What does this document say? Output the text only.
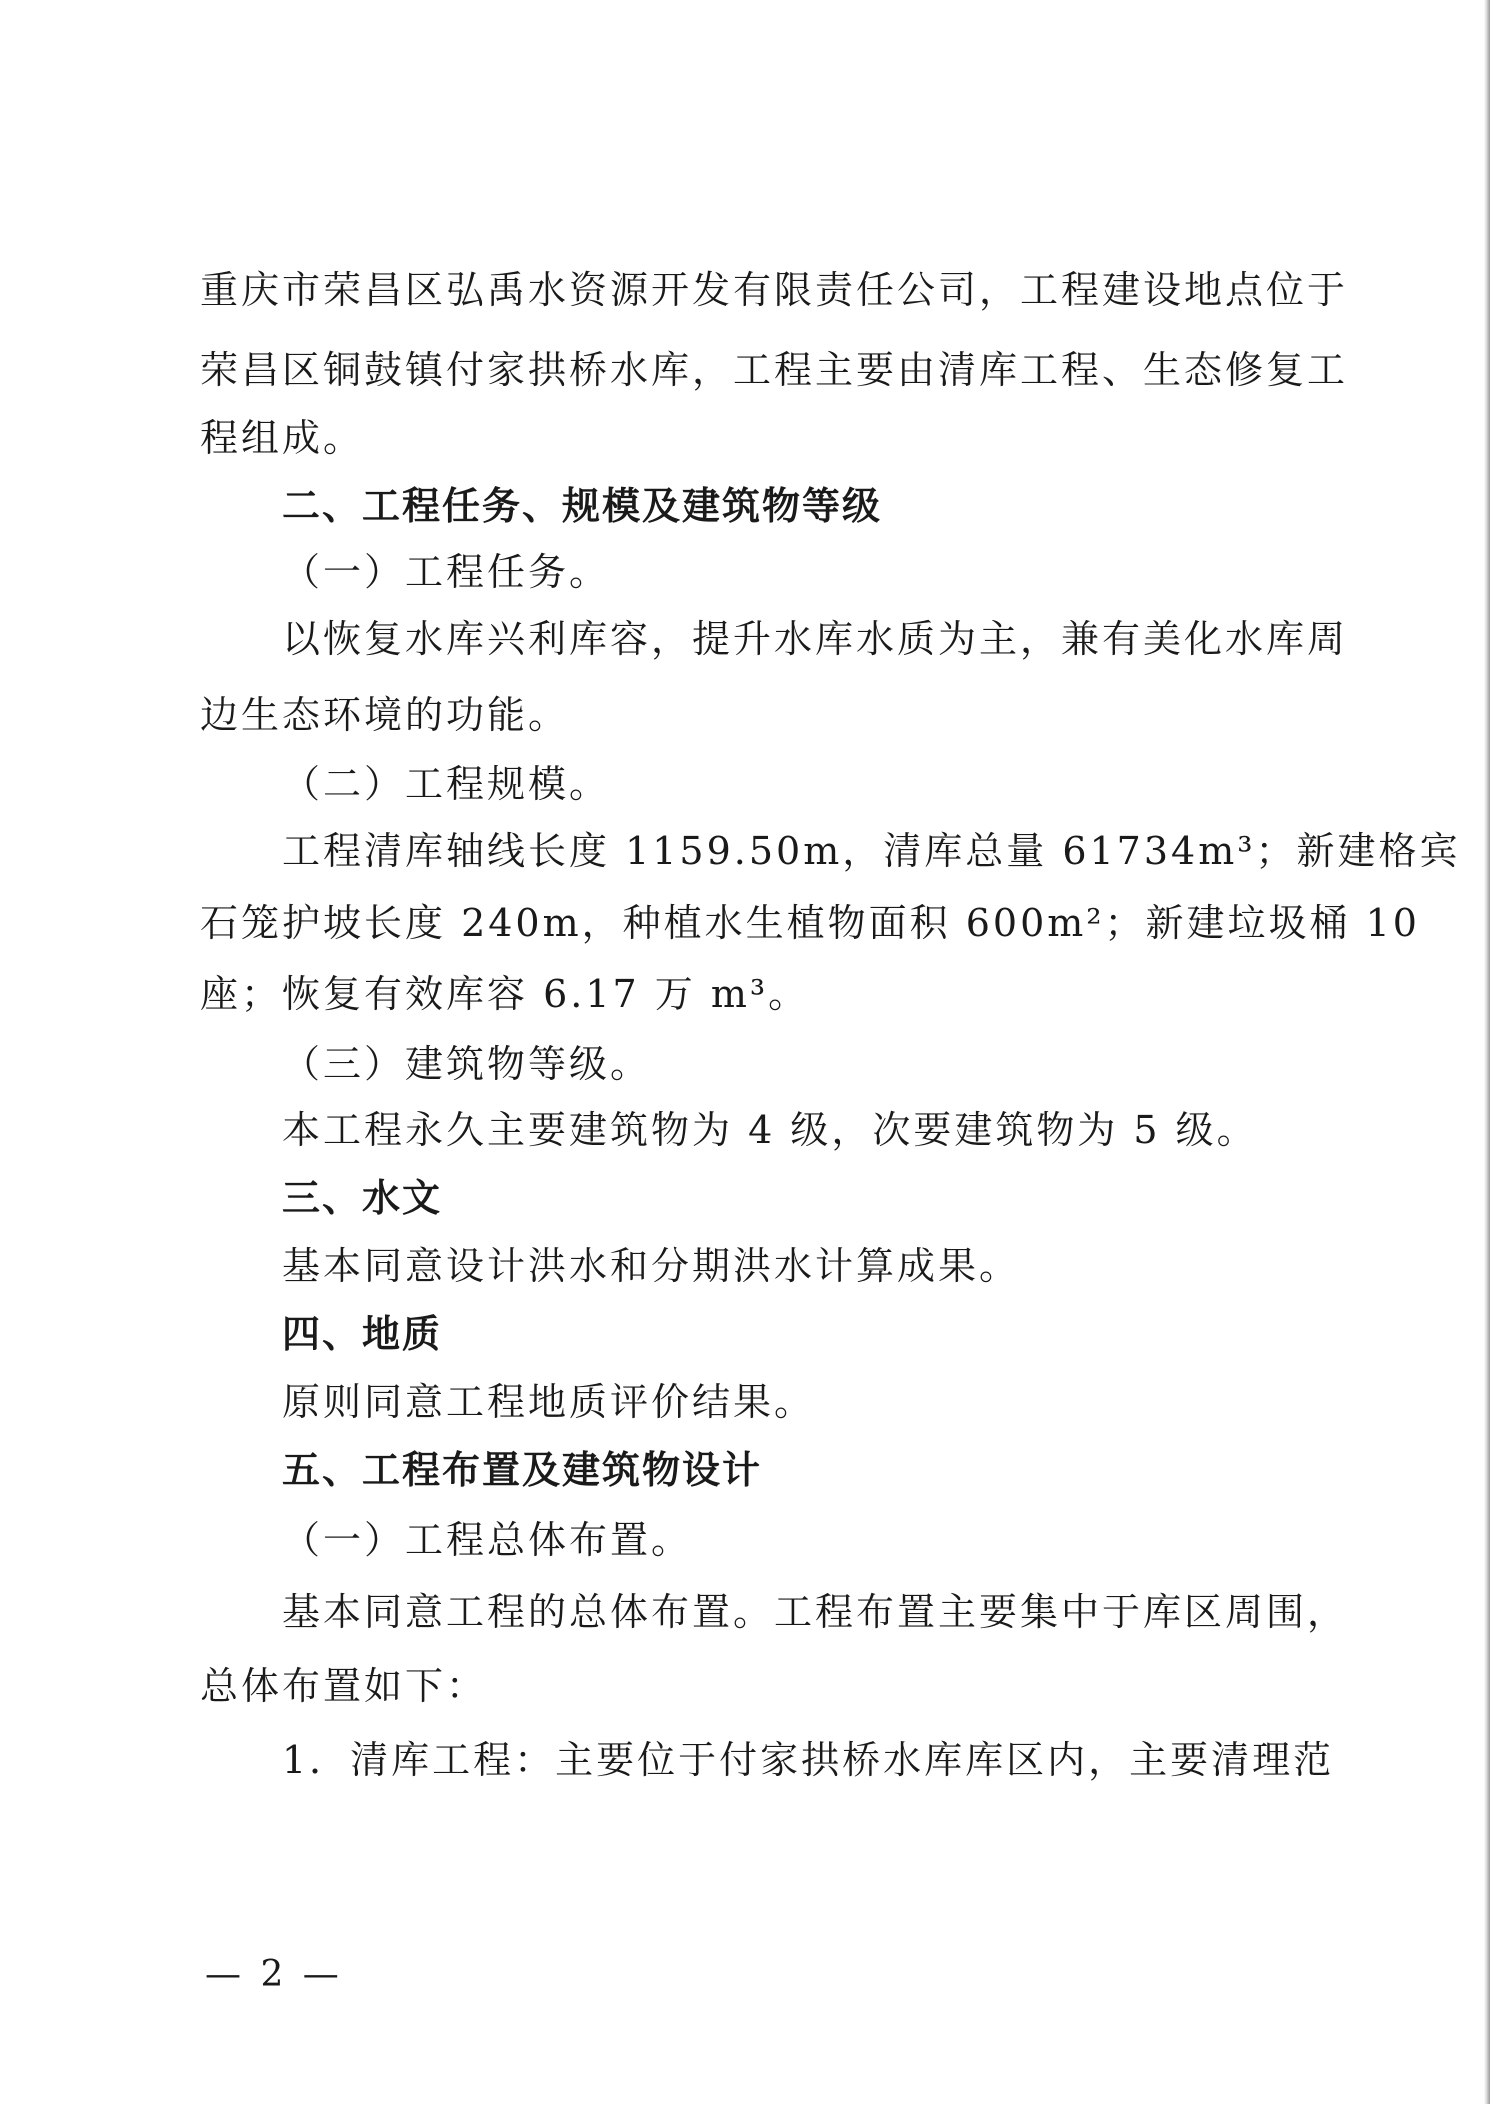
重庆市荣昌区弘禹水资源开发有限责任公司，工程建设地点位于
荣昌区铜鼓镇付家拱桥水库，工程主要由清库工程、生态修复工
程组成。
二、工程任务、规模及建筑物等级
（一）工程任务。
以恢复水库兴利库容，提升水库水质为主，兼有美化水库周
边生态环境的功能。
（二）工程规模。
工程清库轴线长度 1159.50m，清库总量 61734m³；新建格宾
石笼护坡长度 240m，种植水生植物面积 600m²；新建垃圾桶 10
座；恢复有效库容 6.17 万 m³。
（三）建筑物等级。
本工程永久主要建筑物为 4 级，次要建筑物为 5 级。
三、水文
基本同意设计洪水和分期洪水计算成果。
四、地质
原则同意工程地质评价结果。
五、工程布置及建筑物设计
（一）工程总体布置。
基本同意工程的总体布置。工程布置主要集中于库区周围，
总体布置如下：
1．清库工程：主要位于付家拱桥水库库区内，主要清理范
— 2 —
